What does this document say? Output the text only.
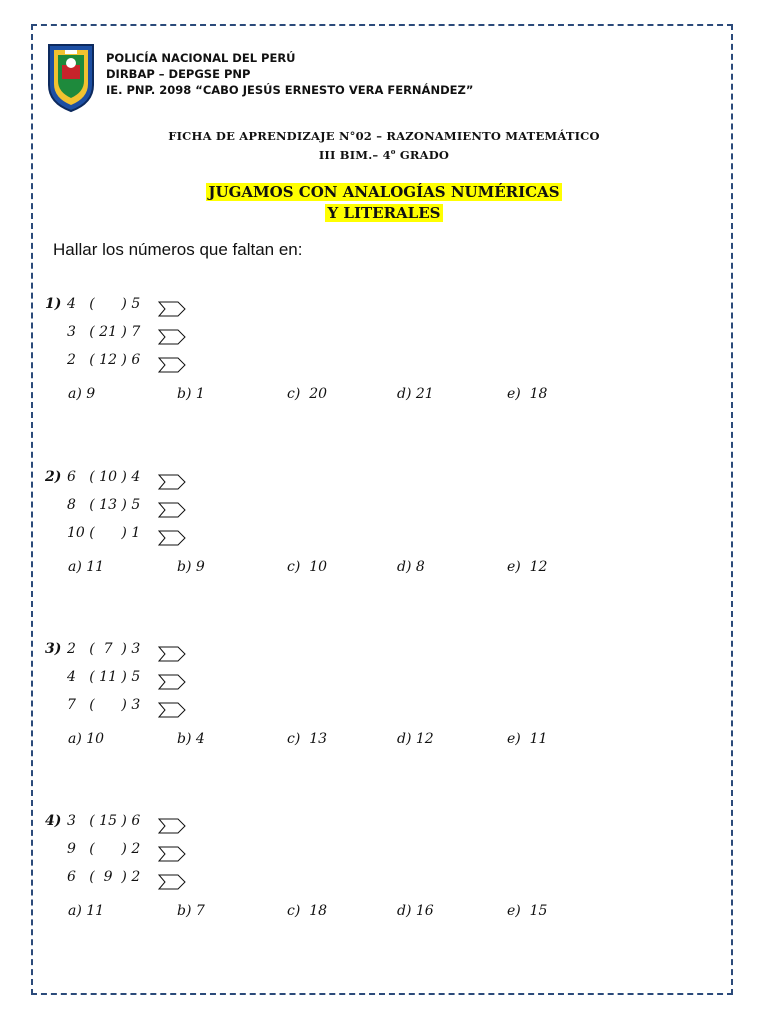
POLICÍA NACIONAL DEL PERÚ
DIRBAP – DEPGSE PNP
IE. PNP. 2098 “CABO JESÚS ERNESTO VERA FERNÁNDEZ”
FICHA DE APRENDIZAJE N°02 – RAZONAMIENTO MATEMÁTICO
III BIM.– 4$^o$ GRADO
JUGAMOS CON ANALOGÍAS NUMÉRICAS
Y LITERALES
Hallar los números que faltan en:
1) 4   (      ) 5
3   ( 21 ) 7
2   ( 12 ) 6
a) 9	b) 1	c)  20	d) 21	e)  18
2) 6   ( 10 ) 4
8   ( 13 ) 5
10 (      ) 1
a) 11	b) 9	c)  10	d) 8	e)  12
3) 2   (  7  ) 3
4   ( 11 ) 5
7   (      ) 3
a) 10	b) 4	c)  13	d) 12	e)  11
4) 3   ( 15 ) 6
9   (      ) 2
6   (  9  ) 2
a) 11	b) 7	c)  18	d) 16	e)  15
